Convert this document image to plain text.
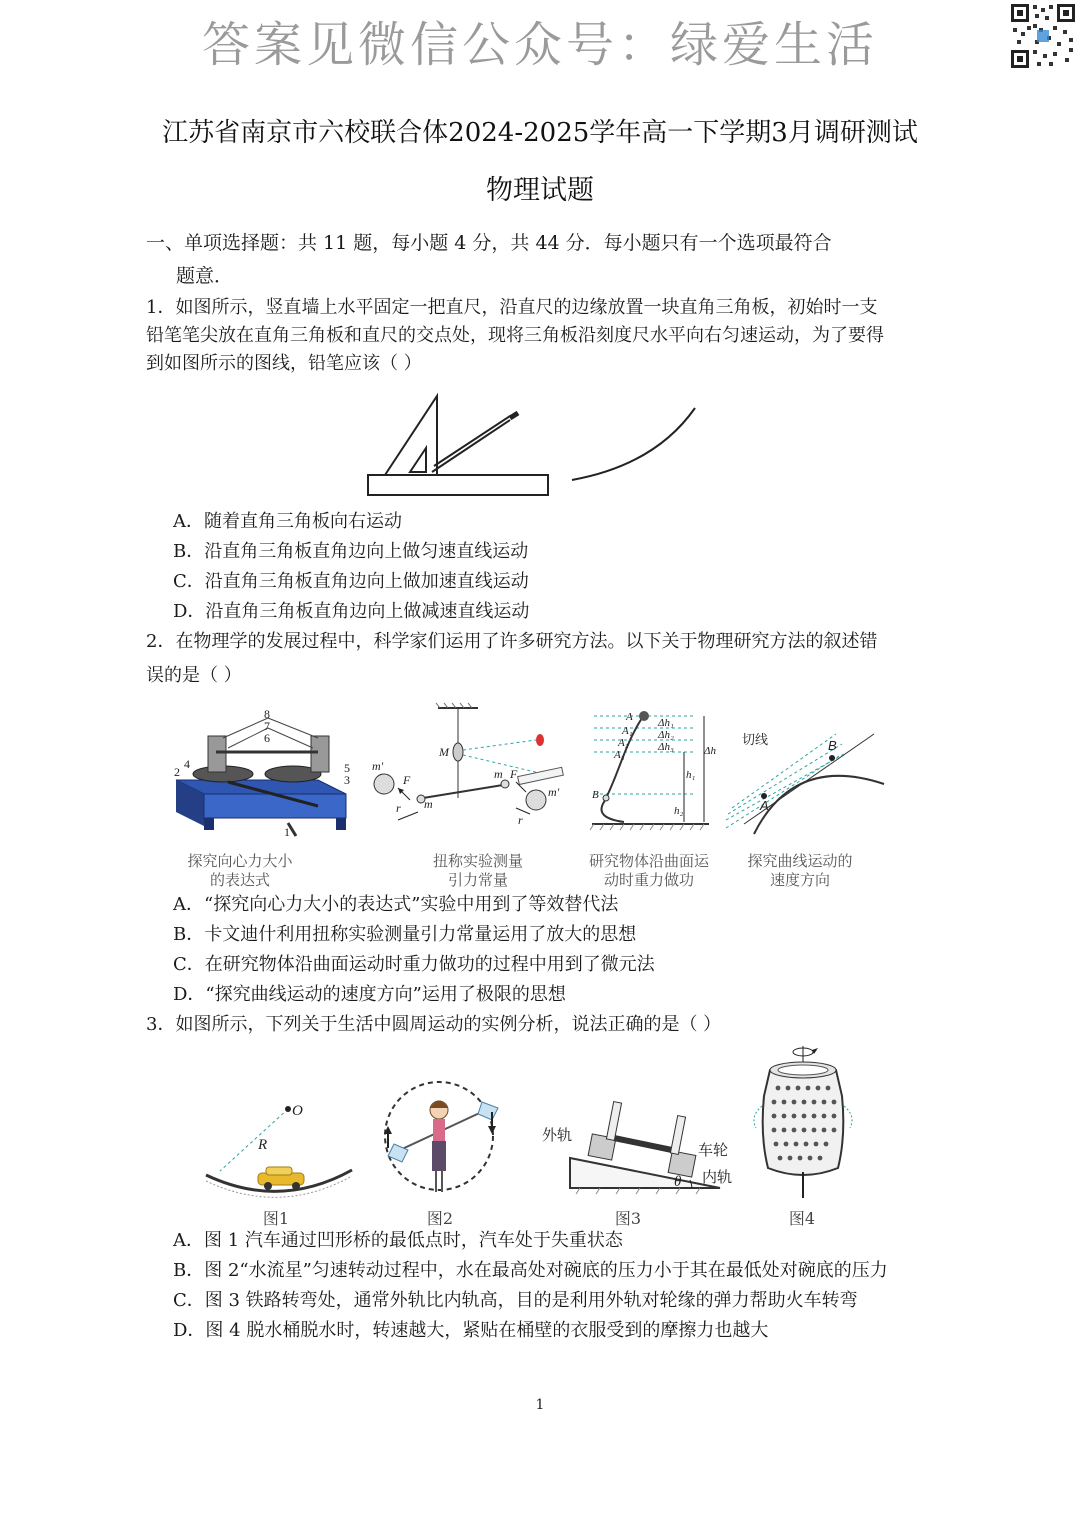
答案见微信公众号：绿爱生活
江苏省南京市六校联合体2024-2025学年高一下学期3月调研测试
物理试题
一、单项选择题：共 11 题，每小题 4 分，共 44 分．每小题只有一个选项最符合
题意．
1．如图所示，竖直墙上水平固定一把直尺，沿直尺的边缘放置一块直角三角板，初始时一支
铅笔笔尖放在直角三角板和直尺的交点处，现将三角板沿刻度尺水平向右匀速运动，为了要得
到如图所示的图线，铅笔应该（ ）
A．随着直角三角板向右运动
B．沿直角三角板直角边向上做匀速直线运动
C．沿直角三角板直角边向上做加速直线运动
D．沿直角三角板直角边向上做减速直线运动
2．在物理学的发展过程中，科学家们运用了许多研究方法。以下关于物理研究方法的叙述错
误的是（ ）
8
7
6
4
2	5
3
1
M
m'
F
r m
m F
r
m'
A
A₁
A₂
A₃
B
Δh₁
Δh₂
Δh₃	Δh
h₁
h₂
切线
A
B
探究向心力大小
的表达式
扭称实验测量
引力常量
研究物体沿曲面运
动时重力做功
探究曲线运动的
速度方向
A．“探究向心力大小的表达式”实验中用到了等效替代法
B．卡文迪什利用扭称实验测量引力常量运用了放大的思想
C．在研究物体沿曲面运动时重力做功的过程中用到了微元法
D．“探究曲线运动的速度方向”运用了极限的思想
3．如图所示，下列关于生活中圆周运动的实例分析，说法正确的是（ ）
O
R
外轨
车轮
内轨
θ
图1	图2	图3	图4
A．图 1 汽车通过凹形桥的最低点时，汽车处于失重状态
B．图 2“水流星”匀速转动过程中，水在最高处对碗底的压力小于其在最低处对碗底的压力
C．图 3 铁路转弯处，通常外轨比内轨高，目的是利用外轨对轮缘的弹力帮助火车转弯
D．图 4 脱水桶脱水时，转速越大，紧贴在桶壁的衣服受到的摩擦力也越大
1
